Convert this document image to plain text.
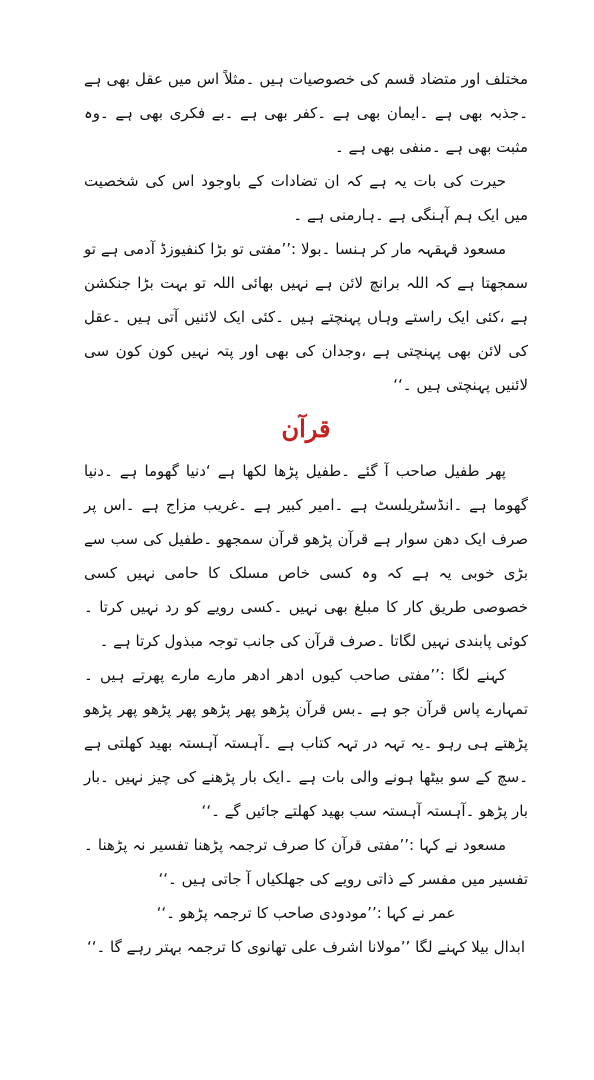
مختلف اور متضاد قسم کی خصوصیات ہیں ۔مثلاً اس میں عقل بھی ہے ۔جذبہ بھی ہے ۔ایمان بھی ہے ۔کفر بھی ہے ۔بے فکری بھی ہے ۔وہ مثبت بھی ہے ۔منفی بھی ہے ۔

حیرت کی بات یہ ہے کہ ان تضادات کے باوجود اس کی شخصیت میں ایک ہم آہنگی ہے ۔ہارمنی ہے ۔

مسعود قہقہہ مار کر ہنسا ۔بولا :’’مفتی تو بڑا کنفیوزڈ آدمی ہے تو سمجھتا ہے کہ اللہ برانچ لائن ہے نہیں بھائی اللہ تو بہت بڑا جنکشن ہے ،کئی ایک راستے وہاں پہنچتے ہیں ۔کئی ایک لائنیں آتی ہیں ۔عقل کی لائن بھی پہنچتی ہے ،وجدان کی بھی اور پتہ نہیں کون کون سی لائنیں پہنچتی ہیں ۔‘‘

قرآن

پھر طفیل صاحب آ گئے ۔طفیل پڑھا لکھا ہے ‘دنیا گھوما ہے ۔دنیا گھوما ہے ۔انڈسٹریلسٹ ہے ۔امیر کبیر ہے ۔غریب مزاج ہے ۔اس پر صرف ایک دھن سوار ہے قرآن پڑھو قرآن سمجھو ۔طفیل کی سب سے بڑی خوبی یہ ہے کہ وہ کسی خاص مسلک کا حامی نہیں کسی خصوصی طریق کار کا مبلغ بھی نہیں ۔کسی رویے کو رد نہیں کرتا ۔کوئی پابندی نہیں لگاتا ۔صرف قرآن کی جانب توجہ مبذول کرتا ہے ۔

کہنے لگا :’’مفتی صاحب کیوں ادھر ادھر مارے مارے پھرتے ہیں ۔تمہارے پاس قرآن جو ہے ۔بس قرآن پڑھو پھر پڑھو پھر پڑھو پھر پڑھو پڑھتے ہی رہو ۔یہ تہہ در تہہ کتاب ہے ۔آہستہ آہستہ بھید کھلتی ہے ۔سچ کے سو بیٹھا ہونے والی بات ہے ۔ایک بار پڑھنے کی چیز نہیں ۔بار بار پڑھو ۔آہستہ آہستہ سب بھید کھلتے جائیں گے ۔‘‘

مسعود نے کہا :’’مفتی قرآن کا صرف ترجمہ پڑھنا تفسیر نہ پڑھنا ۔تفسیر میں مفسر کے ذاتی رویے کی جھلکیاں آ جاتی ہیں ۔‘‘

عمر نے کہا :’’مودودی صاحب کا ترجمہ پڑھو ۔‘‘

ابدال بیلا کہنے لگا ’’مولانا اشرف علی تھانوی کا ترجمہ بہتر رہے گا ۔‘‘
